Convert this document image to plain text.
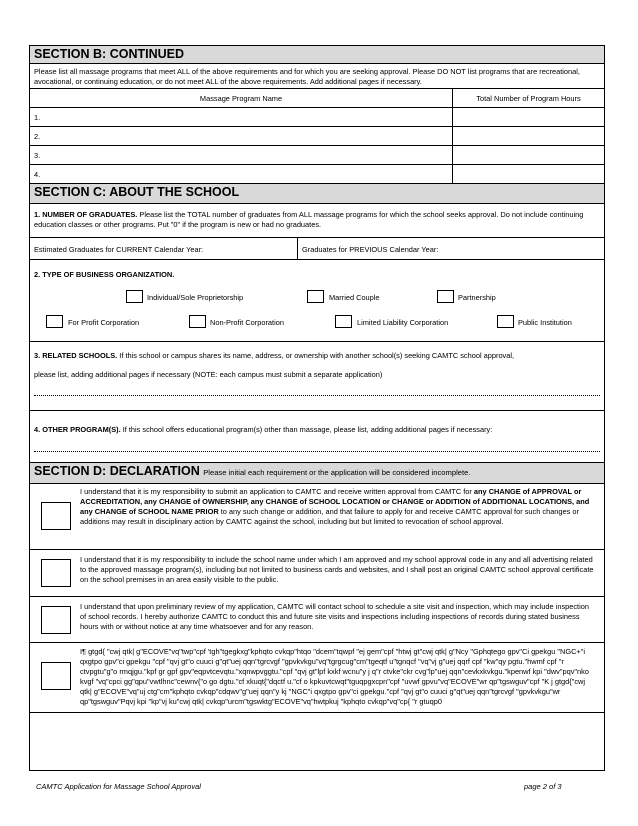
SECTION B: CONTINUED
Please list all massage programs that meet ALL of the above requirements and for which you are seeking approval. Please DO NOT list programs that are recreational, avocational, or continuing education, or do not meet ALL of the above requirements. Add additional pages if necessary.
Massage Program Name	Total Number of Program Hours
1.
2.
3.
4.
SECTION C: ABOUT THE SCHOOL
1. NUMBER OF GRADUATES. Please list the TOTAL number of graduates from ALL massage programs for which the school seeks approval. Do not include continuing education classes or other programs. Put "0" if the program is new or had no graduates.
Estimated Graduates for CURRENT Calendar Year:	Graduates for PREVIOUS Calendar Year:
2. TYPE OF BUSINESS ORGANIZATION.
Individual/Sole Proprietorship	Married Couple	Partnership
For Profit Corporation	Non-Profit Corporation	Limited Liability Corporation	Public Institution
3. RELATED SCHOOLS. If this school or campus shares its name, address, or ownership with another school(s) seeking CAMTC school approval,
please list, adding additional pages if necessary (NOTE: each campus must submit a separate application)
4. OTHER PROGRAM(S). If this school offers educational program(s) other than massage, please list, adding additional pages if necessary:
SECTION D: DECLARATION Please initial each requirement or the application will be considered incomplete.
I understand that it is my responsibility to submit an application to CAMTC and receive written approval from CAMTC for any CHANGE of APPROVAL or ACCREDITATION, any CHANGE of OWNERSHIP, any CHANGE of SCHOOL LOCATION or CHANGE or ADDITION of ADDITIONAL LOCATIONS, and any CHANGE of SCHOOL NAME PRIOR to any such change or addition, and that failure to apply for and receive CAMTC approval for such changes or additions may result in disciplinary action by CAMTC against the school, including but but limited to revocation of school approval.
I understand that it is my responsibility to include the school name under which I am approved and my school approval code in any and all advertising related to the approved massage program(s), including but not limited to business cards and websites, and I shall post an original CAMTC school approval certificate on the school premises in an area easily visible to the public.
I understand that upon preliminary review of my application, CAMTC will contact school to schedule a site visit and inspection, which may include inspection of school records. I hereby authorize CAMTC to conduct this and future site visits and inspections including inspections of records during stated business hours with or without notice at any time whatsoever and for any reason.
I¶ gtgd{ "cwj qtk| g"ECOVE"vq"twp"cpf 'tgh"tgegkxg"kphqto cvkqp"htqo "dcem"tqwpf "ej gem"cpf "htwj gt"cwj qtk| g"Ncy "Gphqtego gpv"Ci gpekgu "NGC+"i qxgtpo gpv"ci gpekgu "cpf "qvj gt"o cuuci g"qt"uej qqn"tgrcvgf "gpvkvkgu"vq"tgrgcug"cm"tgeqtf u"tgnqcf "vq"vj g"uej qqrf cpf "kw"qy pgtu."hwmf cpf "r ctvpgtu"g"o rmqjgu."kpf gr gpf gpv"eqpvtcevqtu."xqnwpvggtu."cpf "qvj gt"lpf kxkf wcnu"y j q"r ctvke"ckr cvg"lp"uej qqn"cevkxkvkgu."kpenwf kpi "dwv"pqv"nko kvgf "vq"cpci gg"qpu"vwtlhnc"cewnv{"o go dgtu."cf xkuqt{"dqctf u."cf o kpkuvtcwqt"tguqpgxcpn"cpf "uvwf gpvu"vq"ECOVE"wr qp"tgswguv"cpf "K j gtgd{"cwj qtk| g"ECOVE"vq"uj ctg"cm"kphqto cvkqp"cdqwv"g"uej qqn"y kj "NGC"i qxgtpo gpv"ci gpekgu."cpf "qvj gt"o cuuci g"qt"uej qqn"tgrcvgf "gpvkvkgu"wr qp"tgswguv"Pqvj kpi "kp"vj ku"cwj qtk| cvkqp"urcm"tgswktg"ECOVE"vq"hwtpkuj "kphqto cvkqp"vq"cp{ "r gtuqp0
CAMTC Application for Massage School Approval	page 2 of 3
